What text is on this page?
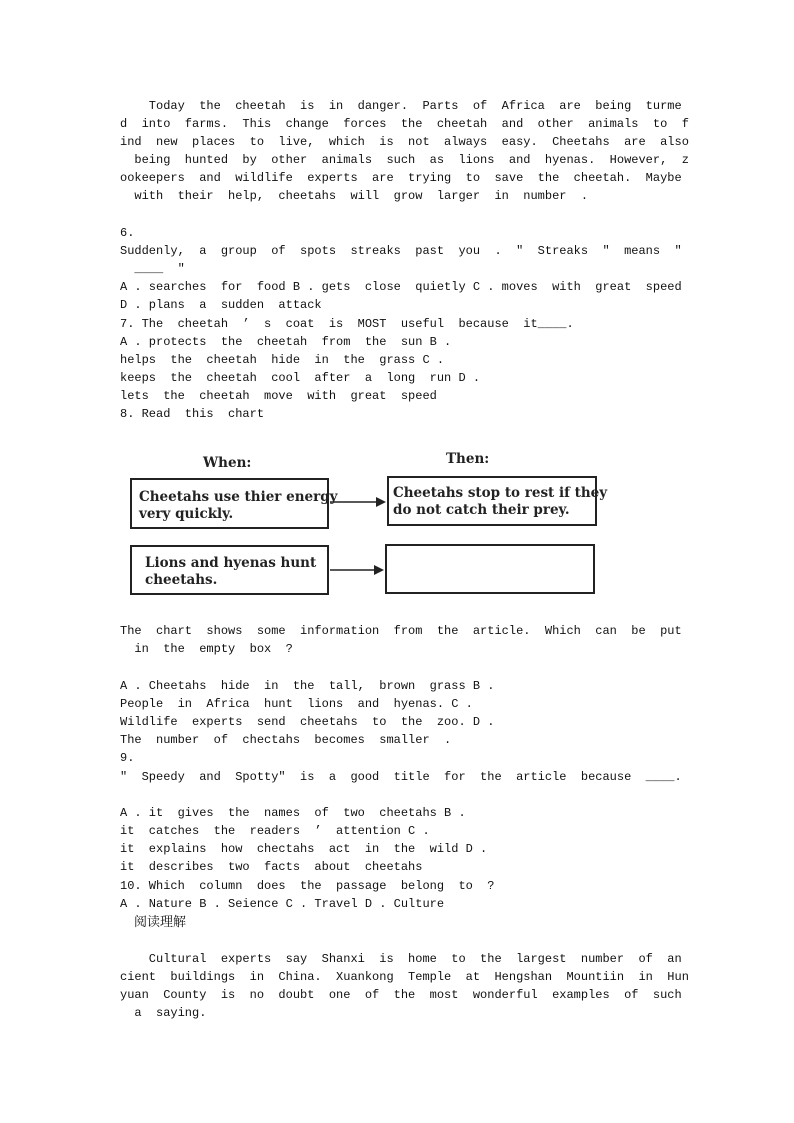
Today  the  cheetah  is  in  danger.  Parts  of  Africa  are  being  turme
d  into  farms.  This  change  forces  the  cheetah  and  other  animals  to  f
ind  new  places  to  live,  which  is  not  always  easy.  Cheetahs  are  also
being  hunted  by  other  animals  such  as  lions  and  hyenas.  However,  z
ookeepers  and  wildlife  experts  are  trying  to  save  the  cheetah.  Maybe
with  their  help,  cheetahs  will  grow  larger  in  number  .
6.
Suddenly,  a  group  of  spots  streaks  past  you  .  ″  Streaks  ″  means  ″
____  ″
A . searches  for  food B . gets  close  quietly C . moves  with  great  speed
D . plans  a  sudden  attack
7. The  cheetah  ’  s  coat  is  MOST  useful  because  it____.
A . protects  the  cheetah  from  the  sun B .
helps  the  cheetah  hide  in  the  grass C .
keeps  the  cheetah  cool  after  a  long  run D .
lets  the  cheetah  move  with  great  speed
8. Read  this  chart
When:	Then:
Cheetahs use thier energy
very quickly.
Cheetahs stop to rest if they
do not catch their prey.
Lions and hyenas hunt
cheetahs.
The  chart  shows  some  information  from  the  article.  Which  can  be  put
in  the  empty  box  ?
A . Cheetahs  hide  in  the  tall,  brown  grass B .
People  in  Africa  hunt  lions  and  hyenas. C .
Wildlife  experts  send  cheetahs  to  the  zoo. D .
The  number  of  chectahs  becomes  smaller  .
9.
″  Speedy  and  Spotty″  is  a  good  title  for  the  article  because  ____.
A . it  gives  the  names  of  two  cheetahs B .
it  catches  the  readers  ’  attention C .
it  explains  how  chectahs  act  in  the  wild D .
it  describes  two  facts  about  cheetahs
10. Which  column  does  the  passage  belong  to  ?
A . Nature B . Seience C . Travel D . Culture
阅读理解
Cultural  experts  say  Shanxi  is  home  to  the  largest  number  of  an
cient  buildings  in  China.  Xuankong  Temple  at  Hengshan  Mountiin  in  Hun
yuan  County  is  no  doubt  one  of  the  most  wonderful  examples  of  such
a  saying.
